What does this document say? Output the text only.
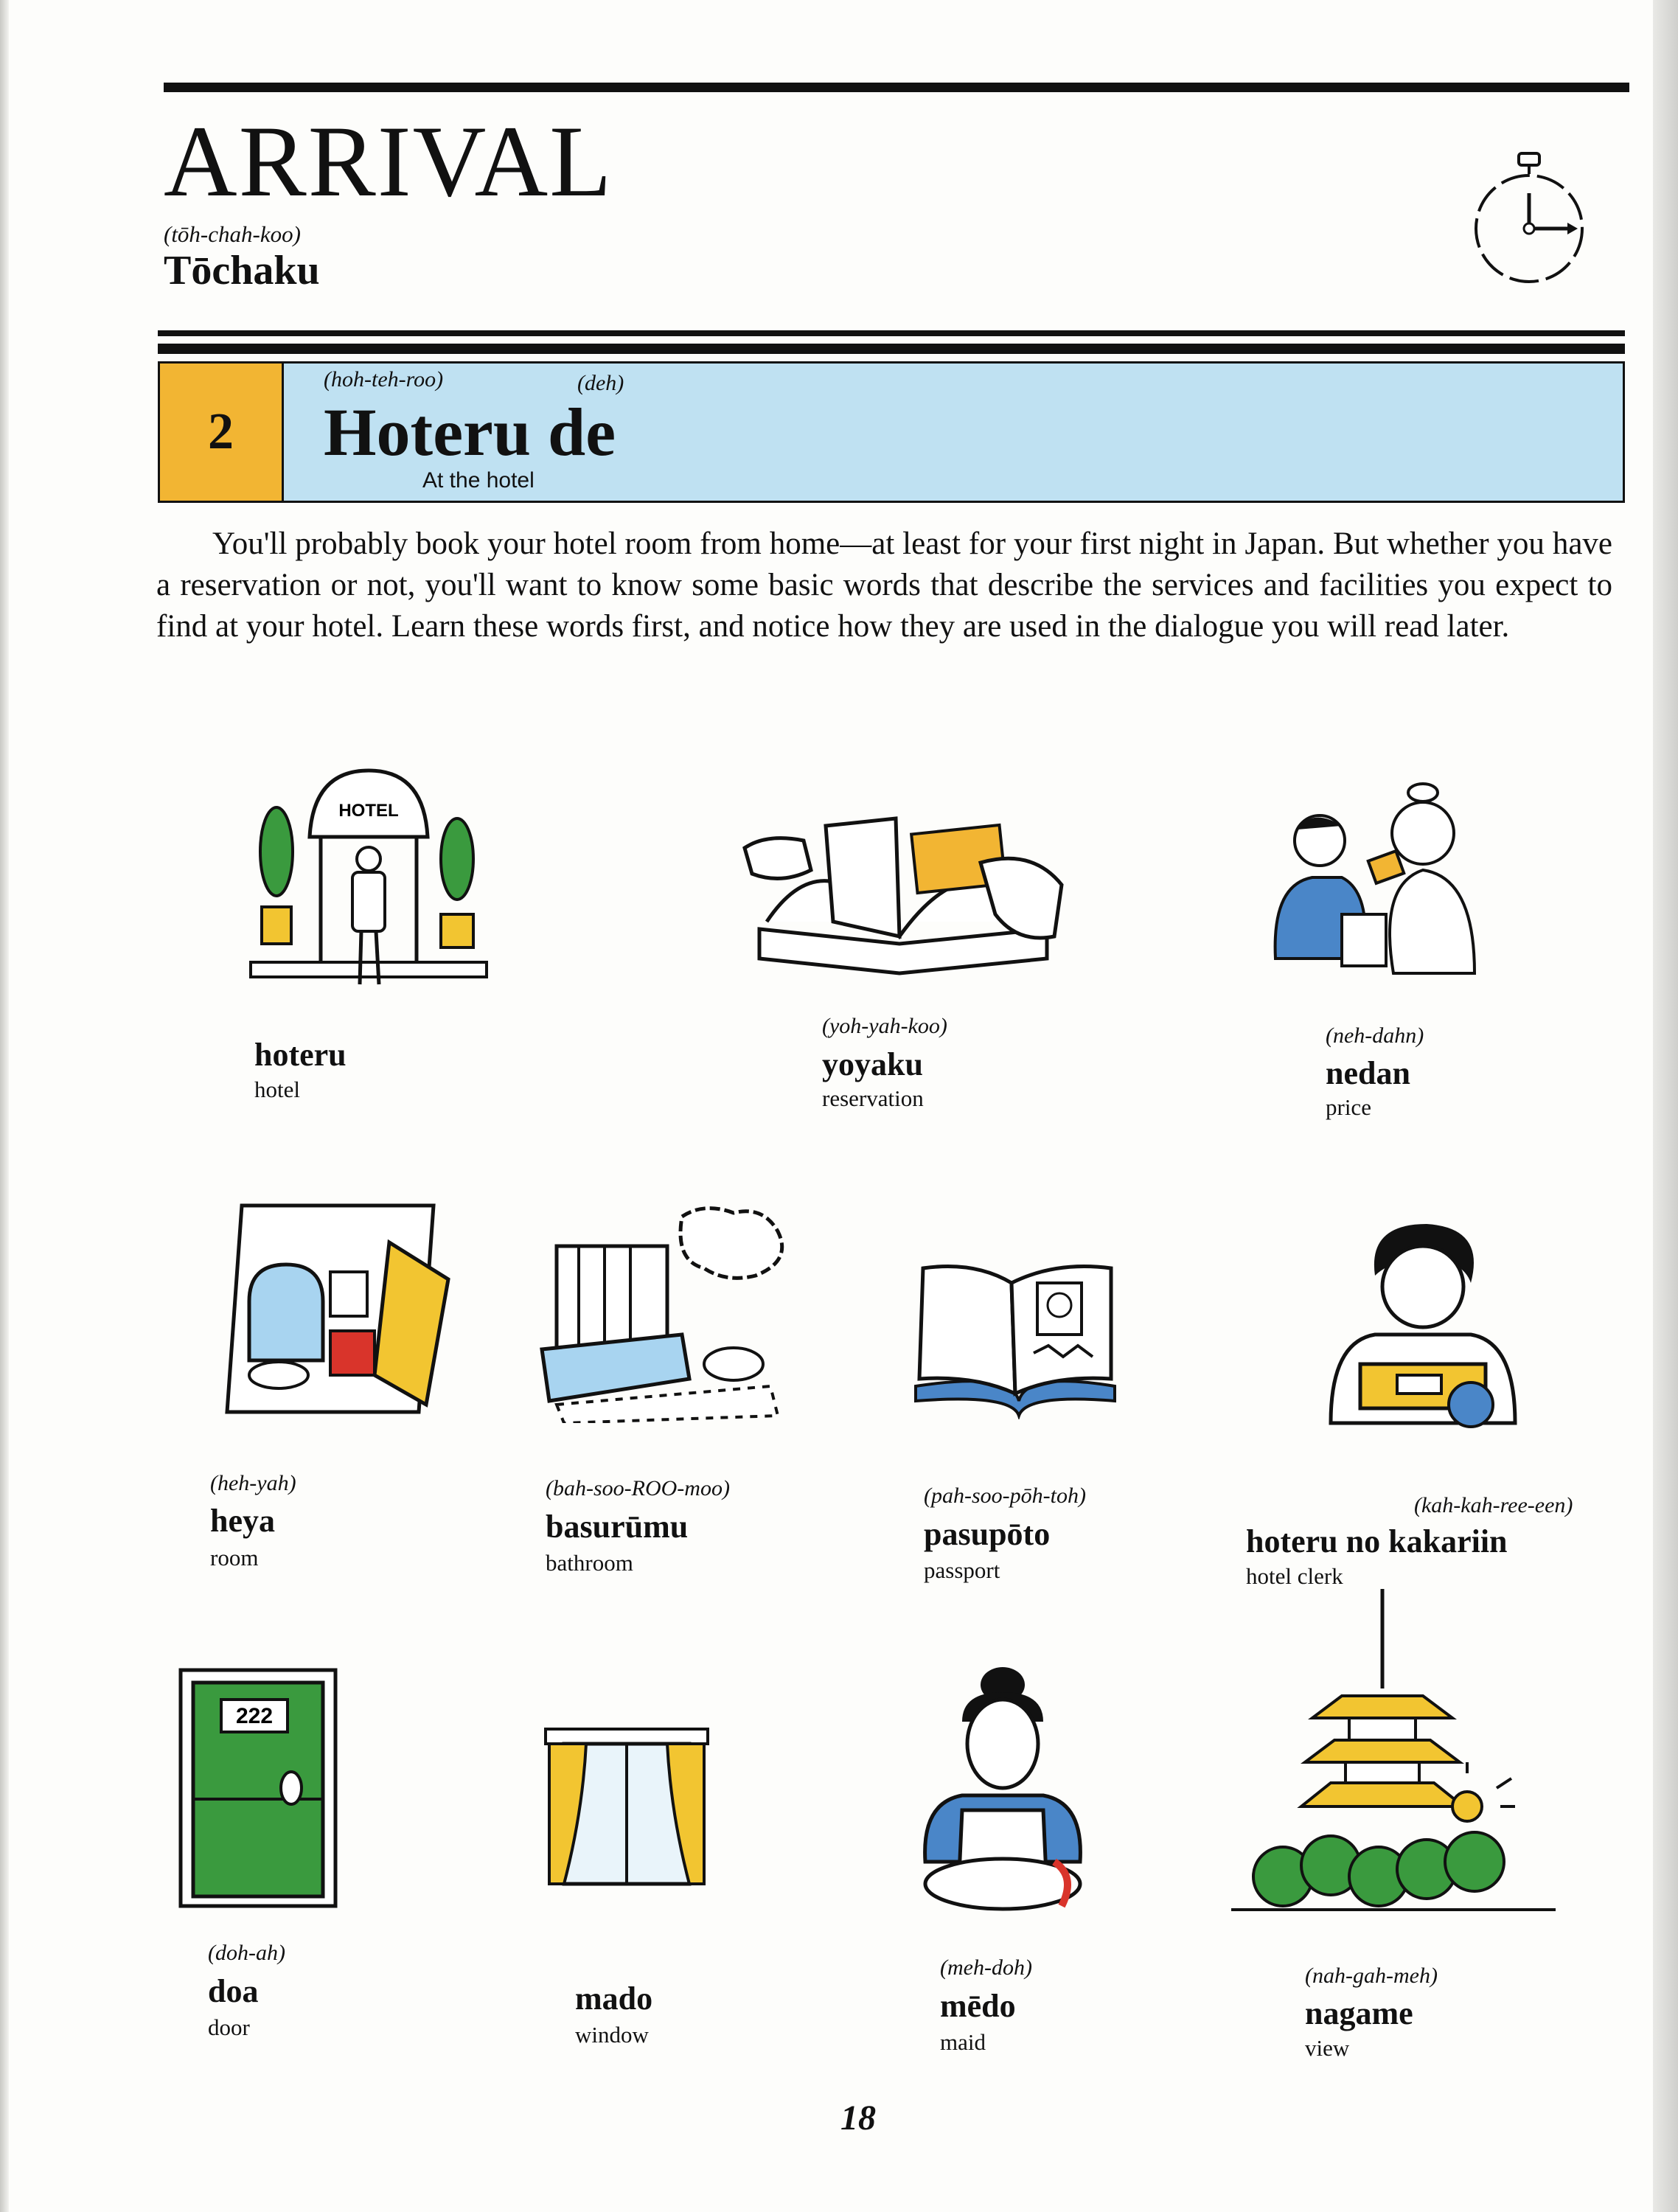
ARRIVAL
(tōh-chah-koo)
Tōchaku
2
(hoh-teh-roo)	(deh)
Hoteru de
At the hotel

You'll probably book your hotel room from home—at least for your first night in Japan. But whether you have a reservation or not, you'll want to know some basic words that describe the services and facilities you expect to find at your hotel. Learn these words first, and notice how they are used in the dialogue you will read later.

HOTEL
hoteru
hotel
(yoh-yah-koo)
yoyaku
reservation
(neh-dahn)
nedan
price
(heh-yah)
heya
room
(bah-soo-ROO-moo)
basurūmu
bathroom
(pah-soo-pōh-toh)
pasupōto
passport
(kah-kah-ree-een)
hoteru no kakariin
hotel clerk
222
(doh-ah)
doa
door
mado
window
(meh-doh)
mēdo
maid
(nah-gah-meh)
nagame
view
18
